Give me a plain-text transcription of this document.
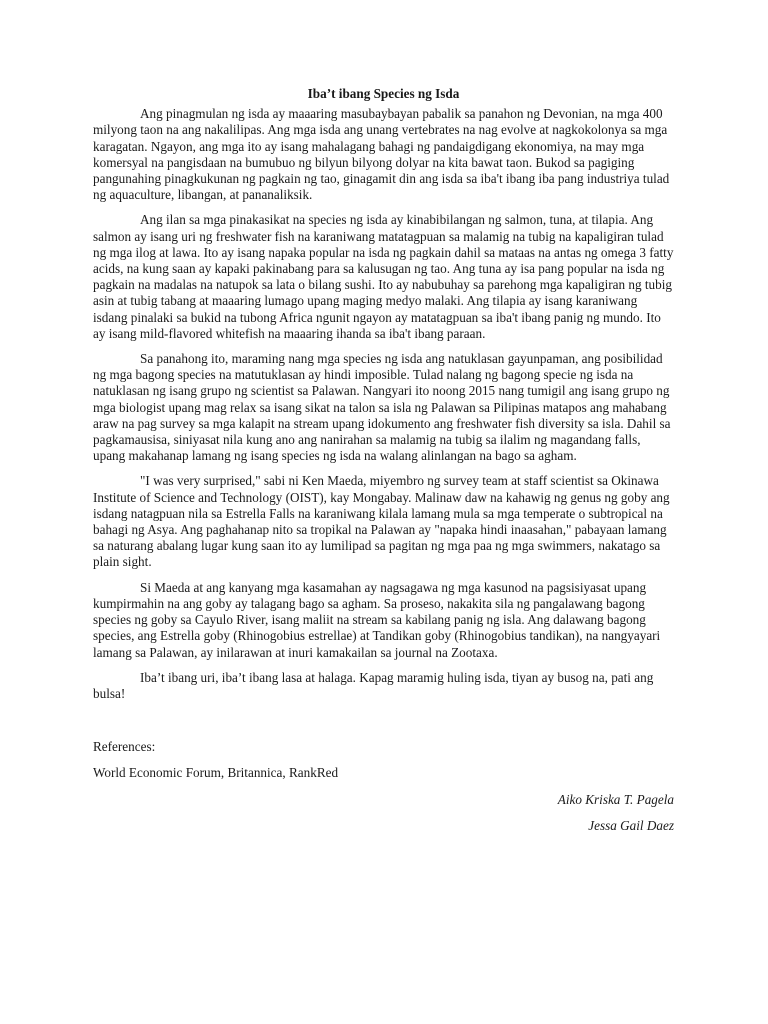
Iba’t ibang Species ng Isda

Ang pinagmulan ng isda ay maaaring masubaybayan pabalik sa panahon ng Devonian, na mga 400 milyong taon na ang nakalilipas. Ang mga isda ang unang vertebrates na nag evolve at nagkokolonya sa mga karagatan. Ngayon, ang mga ito ay isang mahalagang bahagi ng pandaigdigang ekonomiya, na may mga komersyal na pangisdaan na bumubuo ng bilyun bilyong dolyar na kita bawat taon. Bukod sa pagiging pangunahing pinagkukunan ng pagkain ng tao, ginagamit din ang isda sa iba't ibang iba pang industriya tulad ng aquaculture, libangan, at pananaliksik.

Ang ilan sa mga pinakasikat na species ng isda ay kinabibilangan ng salmon, tuna, at tilapia. Ang salmon ay isang uri ng freshwater fish na karaniwang matatagpuan sa malamig na tubig na kapaligiran tulad ng mga ilog at lawa. Ito ay isang napaka popular na isda ng pagkain dahil sa mataas na antas ng omega 3 fatty acids, na kung saan ay kapaki pakinabang para sa kalusugan ng tao. Ang tuna ay isa pang popular na isda ng pagkain na madalas na natupok sa lata o bilang sushi. Ito ay nabubuhay sa parehong mga kapaligiran ng tubig asin at tubig tabang at maaaring lumago upang maging medyo malaki. Ang tilapia ay isang karaniwang isdang pinalaki sa bukid na tubong Africa ngunit ngayon ay matatagpuan sa iba't ibang panig ng mundo. Ito ay isang mild-flavored whitefish na maaaring ihanda sa iba't ibang paraan.

Sa panahong ito, maraming nang mga species ng isda ang natuklasan gayunpaman, ang posibilidad ng mga bagong species na matutuklasan ay hindi imposible. Tulad nalang ng bagong specie ng isda na natuklasan ng isang grupo ng scientist sa Palawan. Nangyari ito noong 2015 nang tumigil ang isang grupo ng mga biologist upang mag relax sa isang sikat na talon sa isla ng Palawan sa Pilipinas matapos ang mahabang araw na pag survey sa mga kalapit na stream upang idokumento ang freshwater fish diversity sa isla. Dahil sa pagkamausisa, siniyasat nila kung ano ang nanirahan sa malamig na tubig sa ilalim ng magandang falls, upang makahanap lamang ng isang species ng isda na walang alinlangan na bago sa agham.

"I was very surprised," sabi ni Ken Maeda, miyembro ng survey team at staff scientist sa Okinawa Institute of Science and Technology (OIST), kay Mongabay. Malinaw daw na kahawig ng genus ng goby ang isdang natagpuan nila sa Estrella Falls na karaniwang kilala lamang mula sa mga temperate o subtropical na bahagi ng Asya. Ang paghahanap nito sa tropikal na Palawan ay "napaka hindi inaasahan," pabayaan lamang sa naturang abalang lugar kung saan ito ay lumilipad sa pagitan ng mga paa ng mga swimmers, nakatago sa plain sight.

Si Maeda at ang kanyang mga kasamahan ay nagsagawa ng mga kasunod na pagsisiyasat upang kumpirmahin na ang goby ay talagang bago sa agham. Sa proseso, nakakita sila ng pangalawang bagong species ng goby sa Cayulo River, isang maliit na stream sa kabilang panig ng isla. Ang dalawang bagong species, ang Estrella goby (Rhinogobius estrellae) at Tandikan goby (Rhinogobius tandikan), na nangyayari lamang sa Palawan, ay inilarawan at inuri kamakailan sa journal na Zootaxa.

Iba’t ibang uri, iba’t ibang lasa at halaga. Kapag maramig huling isda, tiyan ay busog na, pati ang bulsa!

References:

World Economic Forum, Britannica, RankRed

Aiko Kriska T. Pagela

Jessa Gail Daez
